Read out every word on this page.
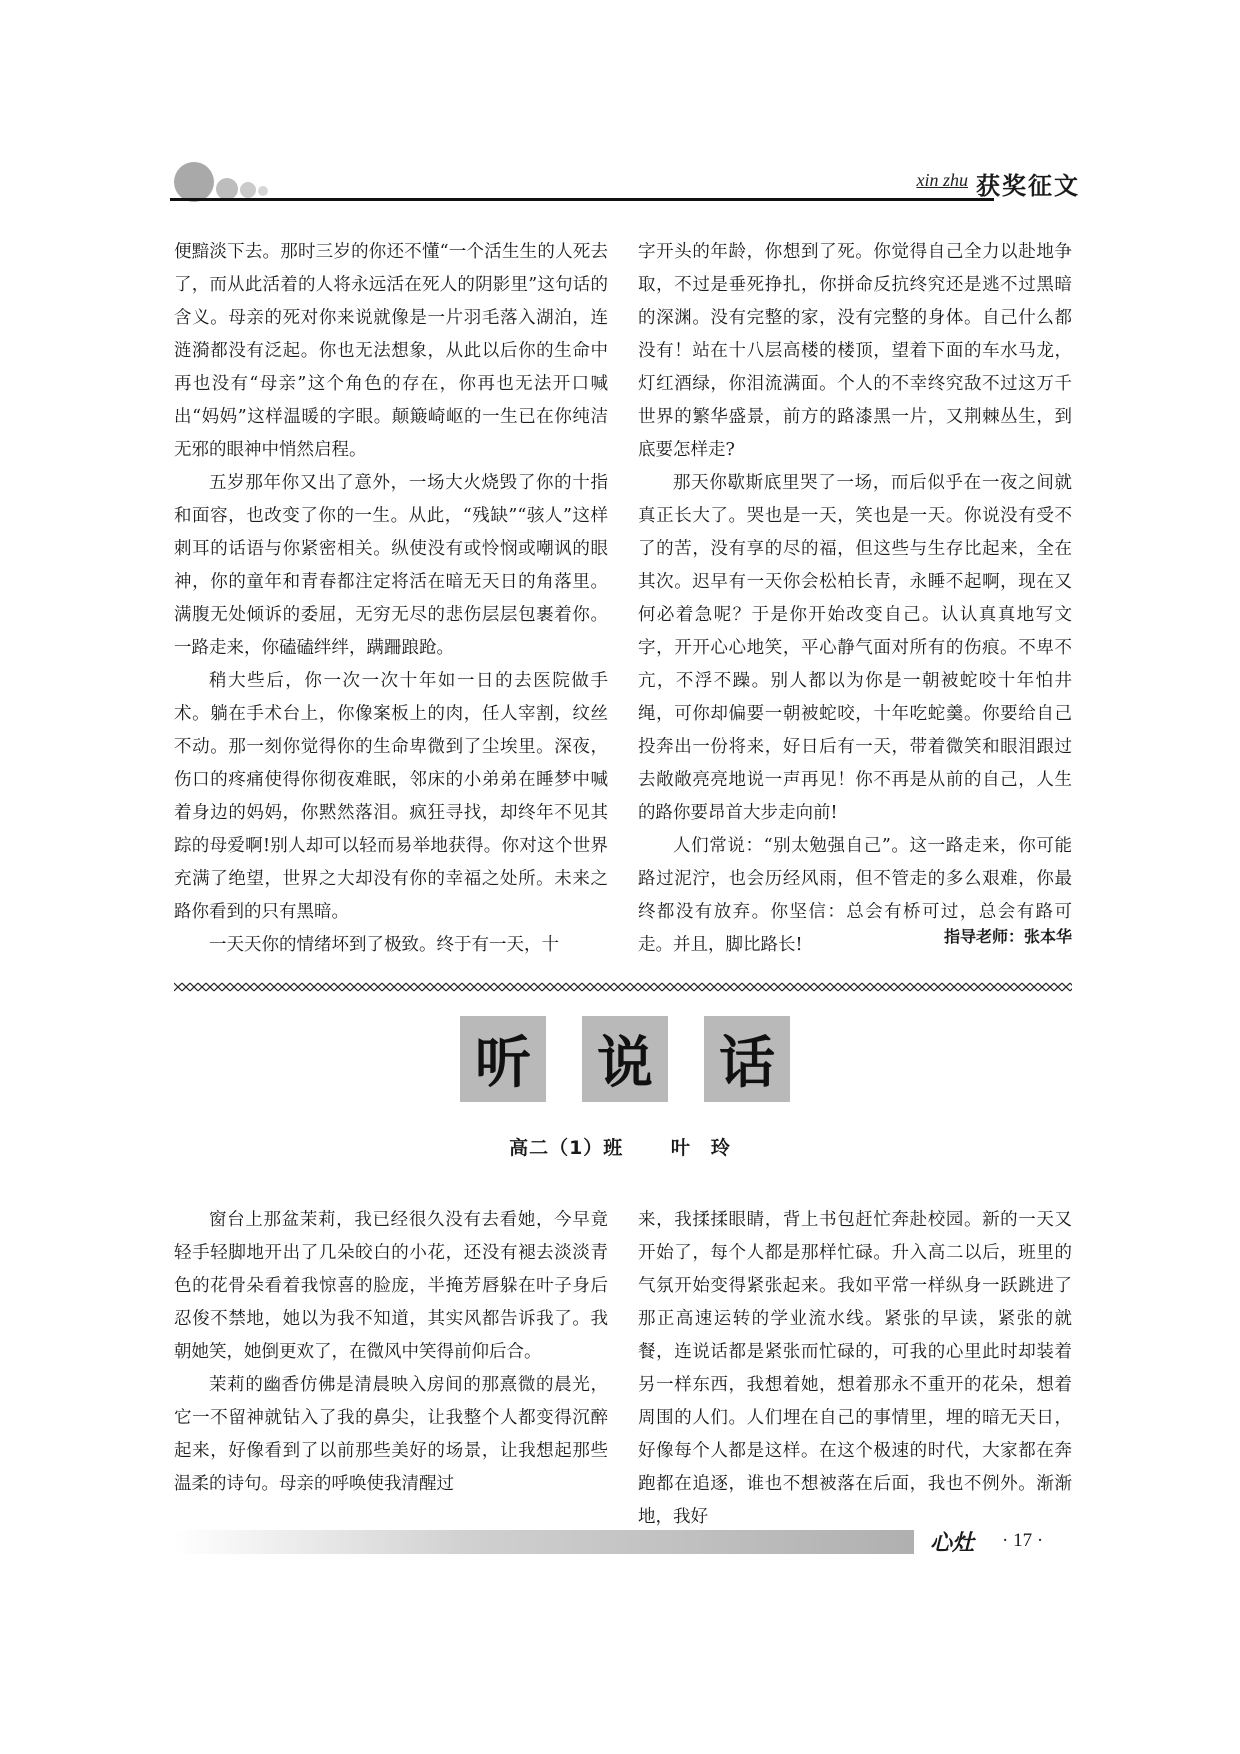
xin zhu 获奖征文

便黯淡下去。那时三岁的你还不懂“一个活生生的人死去了，而从此活着的人将永远活在死人的阴影里”这句话的含义。母亲的死对你来说就像是一片羽毛落入湖泊，连涟漪都没有泛起。你也无法想象，从此以后你的生命中再也没有“母亲”这个角色的存在，你再也无法开口喊出“妈妈”这样温暖的字眼。颠簸崎岖的一生已在你纯洁无邪的眼神中悄然启程。

五岁那年你又出了意外，一场大火烧毁了你的十指和面容，也改变了你的一生。从此，“残缺”“骇人”这样刺耳的话语与你紧密相关。纵使没有或怜悯或嘲讽的眼神，你的童年和青春都注定将活在暗无天日的角落里。满腹无处倾诉的委屈，无穷无尽的悲伤层层包裹着你。一路走来，你磕磕绊绊，蹒跚踉跄。

稍大些后，你一次一次十年如一日的去医院做手术。躺在手术台上，你像案板上的肉，任人宰割，纹丝不动。那一刻你觉得你的生命卑微到了尘埃里。深夜，伤口的疼痛使得你彻夜难眠，邻床的小弟弟在睡梦中喊着身边的妈妈，你黙然落泪。疯狂寻找，却终年不见其踪的母爱啊!别人却可以轻而易举地获得。你对这个世界充满了绝望，世界之大却没有你的幸福之处所。未来之路你看到的只有黑暗。

一天天你的情绪坏到了极致。终于有一天，十

字开头的年龄，你想到了死。你觉得自己全力以赴地争取，不过是垂死挣扎，你拼命反抗终究还是逃不过黑暗的深渊。没有完整的家，没有完整的身体。自己什么都没有！站在十八层高楼的楼顶，望着下面的车水马龙，灯红酒绿，你泪流满面。个人的不幸终究敌不过这万千世界的繁华盛景，前方的路漆黑一片，又荆棘丛生，到底要怎样走?

那天你歇斯底里哭了一场，而后似乎在一夜之间就真正长大了。哭也是一天，笑也是一天。你说没有受不了的苦，没有享的尽的福，但这些与生存比起来，全在其次。迟早有一天你会松柏长青，永睡不起啊，现在又何必着急呢？于是你开始改变自己。认认真真地写文字，开开心心地笑，平心静气面对所有的伤痕。不卑不亢，不浮不躁。别人都以为你是一朝被蛇咬十年怕井绳，可你却偏要一朝被蛇咬，十年吃蛇羹。你要给自己投奔出一份将来，好日后有一天，带着微笑和眼泪跟过去敞敞亮亮地说一声再见！你不再是从前的自己，人生的路你要昂首大步走向前!

人们常说：“别太勉强自己”。这一路走来，你可能路过泥泞，也会历经风雨，但不管走的多么艰难，你最终都没有放弃。你坚信：总会有桥可过，总会有路可走。并且，脚比路长!	指导老师：张本华
听 说 话
高二（1）班	叶　玲

窗台上那盆茉莉，我已经很久没有去看她，今早竟轻手轻脚地开出了几朵皎白的小花，还没有褪去淡淡青色的花骨朵看着我惊喜的脸庞，半掩芳唇躲在叶子身后忍俊不禁地，她以为我不知道，其实风都告诉我了。我朝她笑，她倒更欢了，在微风中笑得前仰后合。

茉莉的幽香仿佛是清晨映入房间的那熹微的晨光，它一不留神就钻入了我的鼻尖，让我整个人都变得沉醉起来，好像看到了以前那些美好的场景，让我想起那些温柔的诗句。母亲的呼唤使我清醒过

来，我揉揉眼睛，背上书包赶忙奔赴校园。新的一天又开始了，每个人都是那样忙碌。升入高二以后，班里的气氛开始变得紧张起来。我如平常一样纵身一跃跳进了那正高速运转的学业流水线。紧张的早读，紧张的就餐，连说话都是紧张而忙碌的，可我的心里此时却装着另一样东西，我想着她，想着那永不重开的花朵，想着周围的人们。人们埋在自己的事情里，埋的暗无天日，好像每个人都是这样。在这个极速的时代，大家都在奔跑都在追逐，谁也不想被落在后面，我也不例外。渐渐地，我好

心灶 · 17 ·
